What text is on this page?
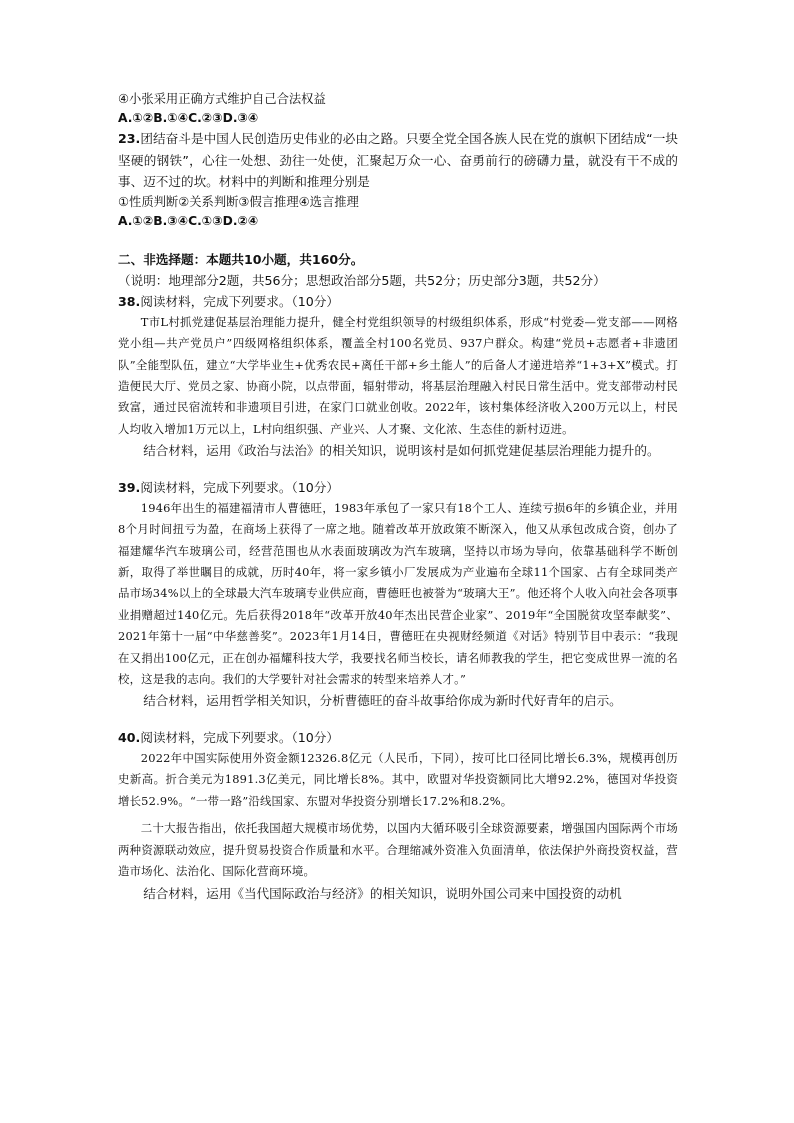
④小张采用正确方式维护自己合法权益
A.①②B.①④C.②③D.③④

23.团结奋斗是中国人民创造历史伟业的必由之路。只要全党全国各族人民在党的旗帜下团结成“一块坚硬的钢铁”，心往一处想、劲往一处使，汇聚起万众一心、奋勇前行的磅礴力量，就没有干不成的事、迈不过的坎。材料中的判断和推理分别是

①性质判断②关系判断③假言推理④选言推理
A.①②B.③④C.①③D.②④

二、非选择题：本题共10小题，共160分。

（说明：地理部分2题，共56分；思想政治部分5题，共52分；历史部分3题，共52分）

38.阅读材料，完成下列要求。（10分）

T市L村抓党建促基层治理能力提升，健全村党组织领导的村级组织体系，形成“村党委—党支部——网格党小组—共产党员户”四级网格组织体系，覆盖全村100名党员、937户群众。构建“党员+志愿者+非遗团队”全能型队伍，建立“大学毕业生+优秀农民+离任干部+乡土能人”的后备人才递进培养“1+3+X”模式。打造便民大厅、党员之家、协商小院，以点带面，辐射带动，将基层治理融入村民日常生活中。党支部带动村民致富，通过民宿流转和非遗项目引进，在家门口就业创收。2022年，该村集体经济收入200万元以上，村民人均收入增加1万元以上，L村向组织强、产业兴、人才聚、文化浓、生态佳的新村迈进。

结合材料，运用《政治与法治》的相关知识，说明该村是如何抓党建促基层治理能力提升的。

39.阅读材料，完成下列要求。（10分）

1946年出生的福建福清市人曹德旺，1983年承包了一家只有18个工人、连续亏损6年的乡镇企业，并用8个月时间扭亏为盈，在商场上获得了一席之地。随着改革开放政策不断深入，他又从承包改成合资，创办了福建耀华汽车玻璃公司，经营范围也从水表面玻璃改为汽车玻璃，坚持以市场为导向，依靠基础科学不断创新，取得了举世瞩目的成就，历时40年，将一家乡镇小厂发展成为产业遍布全球11个国家、占有全球同类产品市场34%以上的全球最大汽车玻璃专业供应商，曹德旺也被誉为“玻璃大王”。他还将个人收入向社会各项事业捐赠超过140亿元。先后获得2018年“改革开放40年杰出民营企业家”、2019年“全国脱贫攻坚奉献奖”、2021年第十一届“中华慈善奖”。2023年1月14日，曹德旺在央视财经频道《对话》特别节目中表示：“我现在又捐出100亿元，正在创办福耀科技大学，我要找名师当校长，请名师教我的学生，把它变成世界一流的名校，这是我的志向。我们的大学要针对社会需求的转型来培养人才。”

结合材料，运用哲学相关知识，分析曹德旺的奋斗故事给你成为新时代好青年的启示。

40.阅读材料，完成下列要求。（10分）

2022年中国实际使用外资金额12326.8亿元（人民币，下同），按可比口径同比增长6.3%，规模再创历史新高。折合美元为1891.3亿美元，同比增长8%。其中，欧盟对华投资额同比大增92.2%，德国对华投资增长52.9%。“一带一路”沿线国家、东盟对华投资分别增长17.2%和8.2%。

二十大报告指出，依托我国超大规模市场优势，以国内大循环吸引全球资源要素，增强国内国际两个市场两种资源联动效应，提升贸易投资合作质量和水平。合理缩减外资准入负面清单，依法保护外商投资权益，营造市场化、法治化、国际化营商环境。

结合材料，运用《当代国际政治与经济》的相关知识，说明外国公司来中国投资的动机
